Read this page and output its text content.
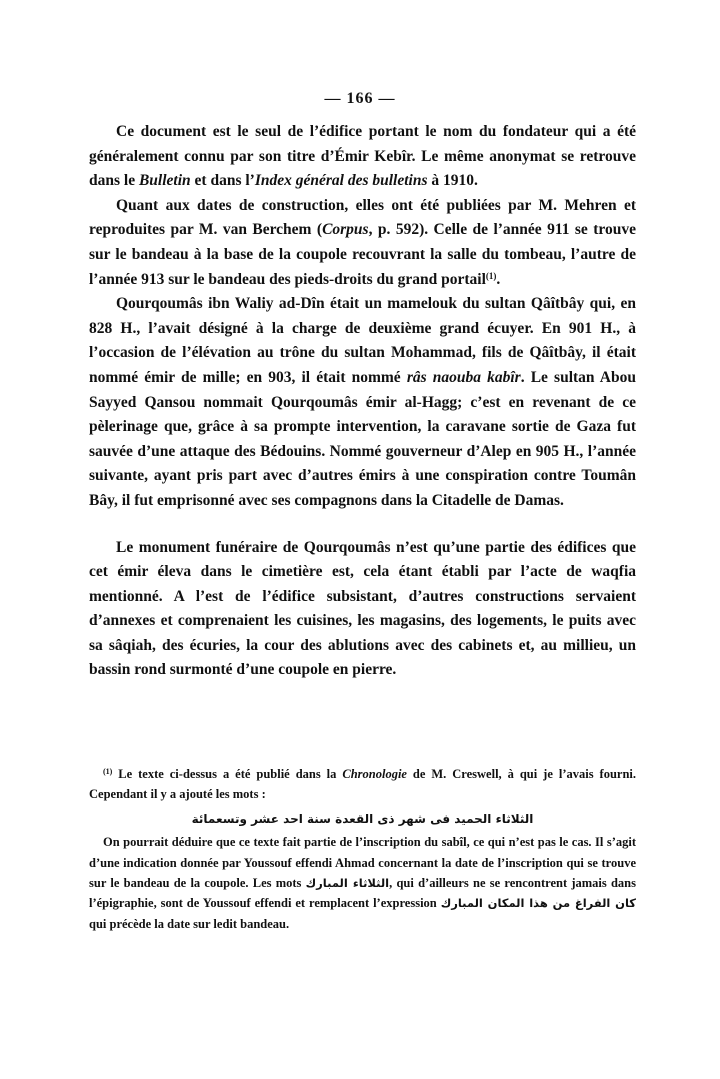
— 166 —

Ce document est le seul de l’édifice portant le nom du fondateur qui a été généralement connu par son titre d’Émir Kebîr. Le même anonymat se retrouve dans le Bulletin et dans l’Index général des bulletins à 1910.

Quant aux dates de construction, elles ont été publiées par M. Mehren et reproduites par M. van Berchem (Corpus, p. 592). Celle de l’année 911 se trouve sur le bandeau à la base de la coupole recouvrant la salle du tombeau, l’autre de l’année 913 sur le bandeau des pieds-droits du grand portail$^{(1)}$.

Qourqoumâs ibn Waliy ad-Dîn était un mamelouk du sultan Qâîtbây qui, en 828 H., l’avait désigné à la charge de deuxième grand écuyer. En 901 H., à l’occasion de l’élévation au trône du sultan Mohammad, fils de Qâîtbây, il était nommé émir de mille; en 903, il était nommé râs naouba kabîr. Le sultan Abou Sayyed Qansou nommait Qourqoumâs émir al-Hagg; c’est en revenant de ce pèlerinage que, grâce à sa prompte intervention, la caravane sortie de Gaza fut sauvée d’une attaque des Bédouins. Nommé gouverneur d’Alep en 905 H., l’année suivante, ayant pris part avec d’autres émirs à une conspiration contre Toumân Bây, il fut emprisonné avec ses compagnons dans la Citadelle de Damas.

Le monument funéraire de Qourqoumâs n’est qu’une partie des édifices que cet émir éleva dans le cimetière est, cela étant établi par l’acte de waqfia mentionné. A l’est de l’édifice subsistant, d’autres constructions servaient d’annexes et comprenaient les cuisines, les magasins, des logements, le puits avec sa sâqiah, des écuries, la cour des ablutions avec des cabinets et, au millieu, un bassin rond surmonté d’une coupole en pierre.

$^{(1)}$ Le texte ci-dessus a été publié dans la Chronologie de M. Creswell, à qui je l’avais fourni. Cependant il y a ajouté les mots :

الثلاثاء الحميد فى شهر ذى القعدة سنة احد عشر وتسعمائة

On pourrait déduire que ce texte fait partie de l’inscription du sabîl, ce qui n’est pas le cas. Il s’agit d’une indication donnée par Youssouf effendi Ahmad concernant la date de l’inscription qui se trouve sur le bandeau de la coupole. Les mots الثلاثاء المبارك, qui d’ailleurs ne se rencontrent jamais dans l’épigraphie, sont de Youssouf effendi et remplacent l’expression كان الفراغ من هذا المكان المبارك qui précède la date sur ledit bandeau.
